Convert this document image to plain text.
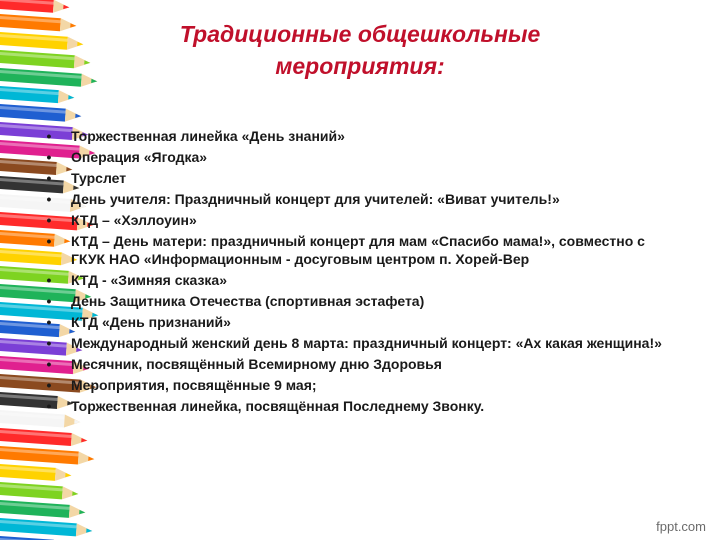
Традиционные общешкольные
мероприятия:
•	Торжественная линейка «День знаний»
•	Операция «Ягодка»
•	Турслет
•	День учителя: Праздничный концерт для учителей: «Виват учитель!»
•	КТД – «Хэллоуин»
•	КТД – День матери: праздничный концерт для мам «Спасибо мама!», совместно с ГКУК НАО «Информационным - досуговым центром п. Хорей-Вер
•	КТД - «Зимняя сказка»
•	День Защитника Отечества (спортивная эстафета)
•	КТД «День признаний»
•	Международный женский день 8 марта: праздничный концерт: «Ах какая женщина!»
•	Месячник, посвящённый Всемирному дню Здоровья
•	Мероприятия, посвящённые 9 мая;
•	Торжественная линейка, посвящённая Последнему Звонку.
fppt.com
